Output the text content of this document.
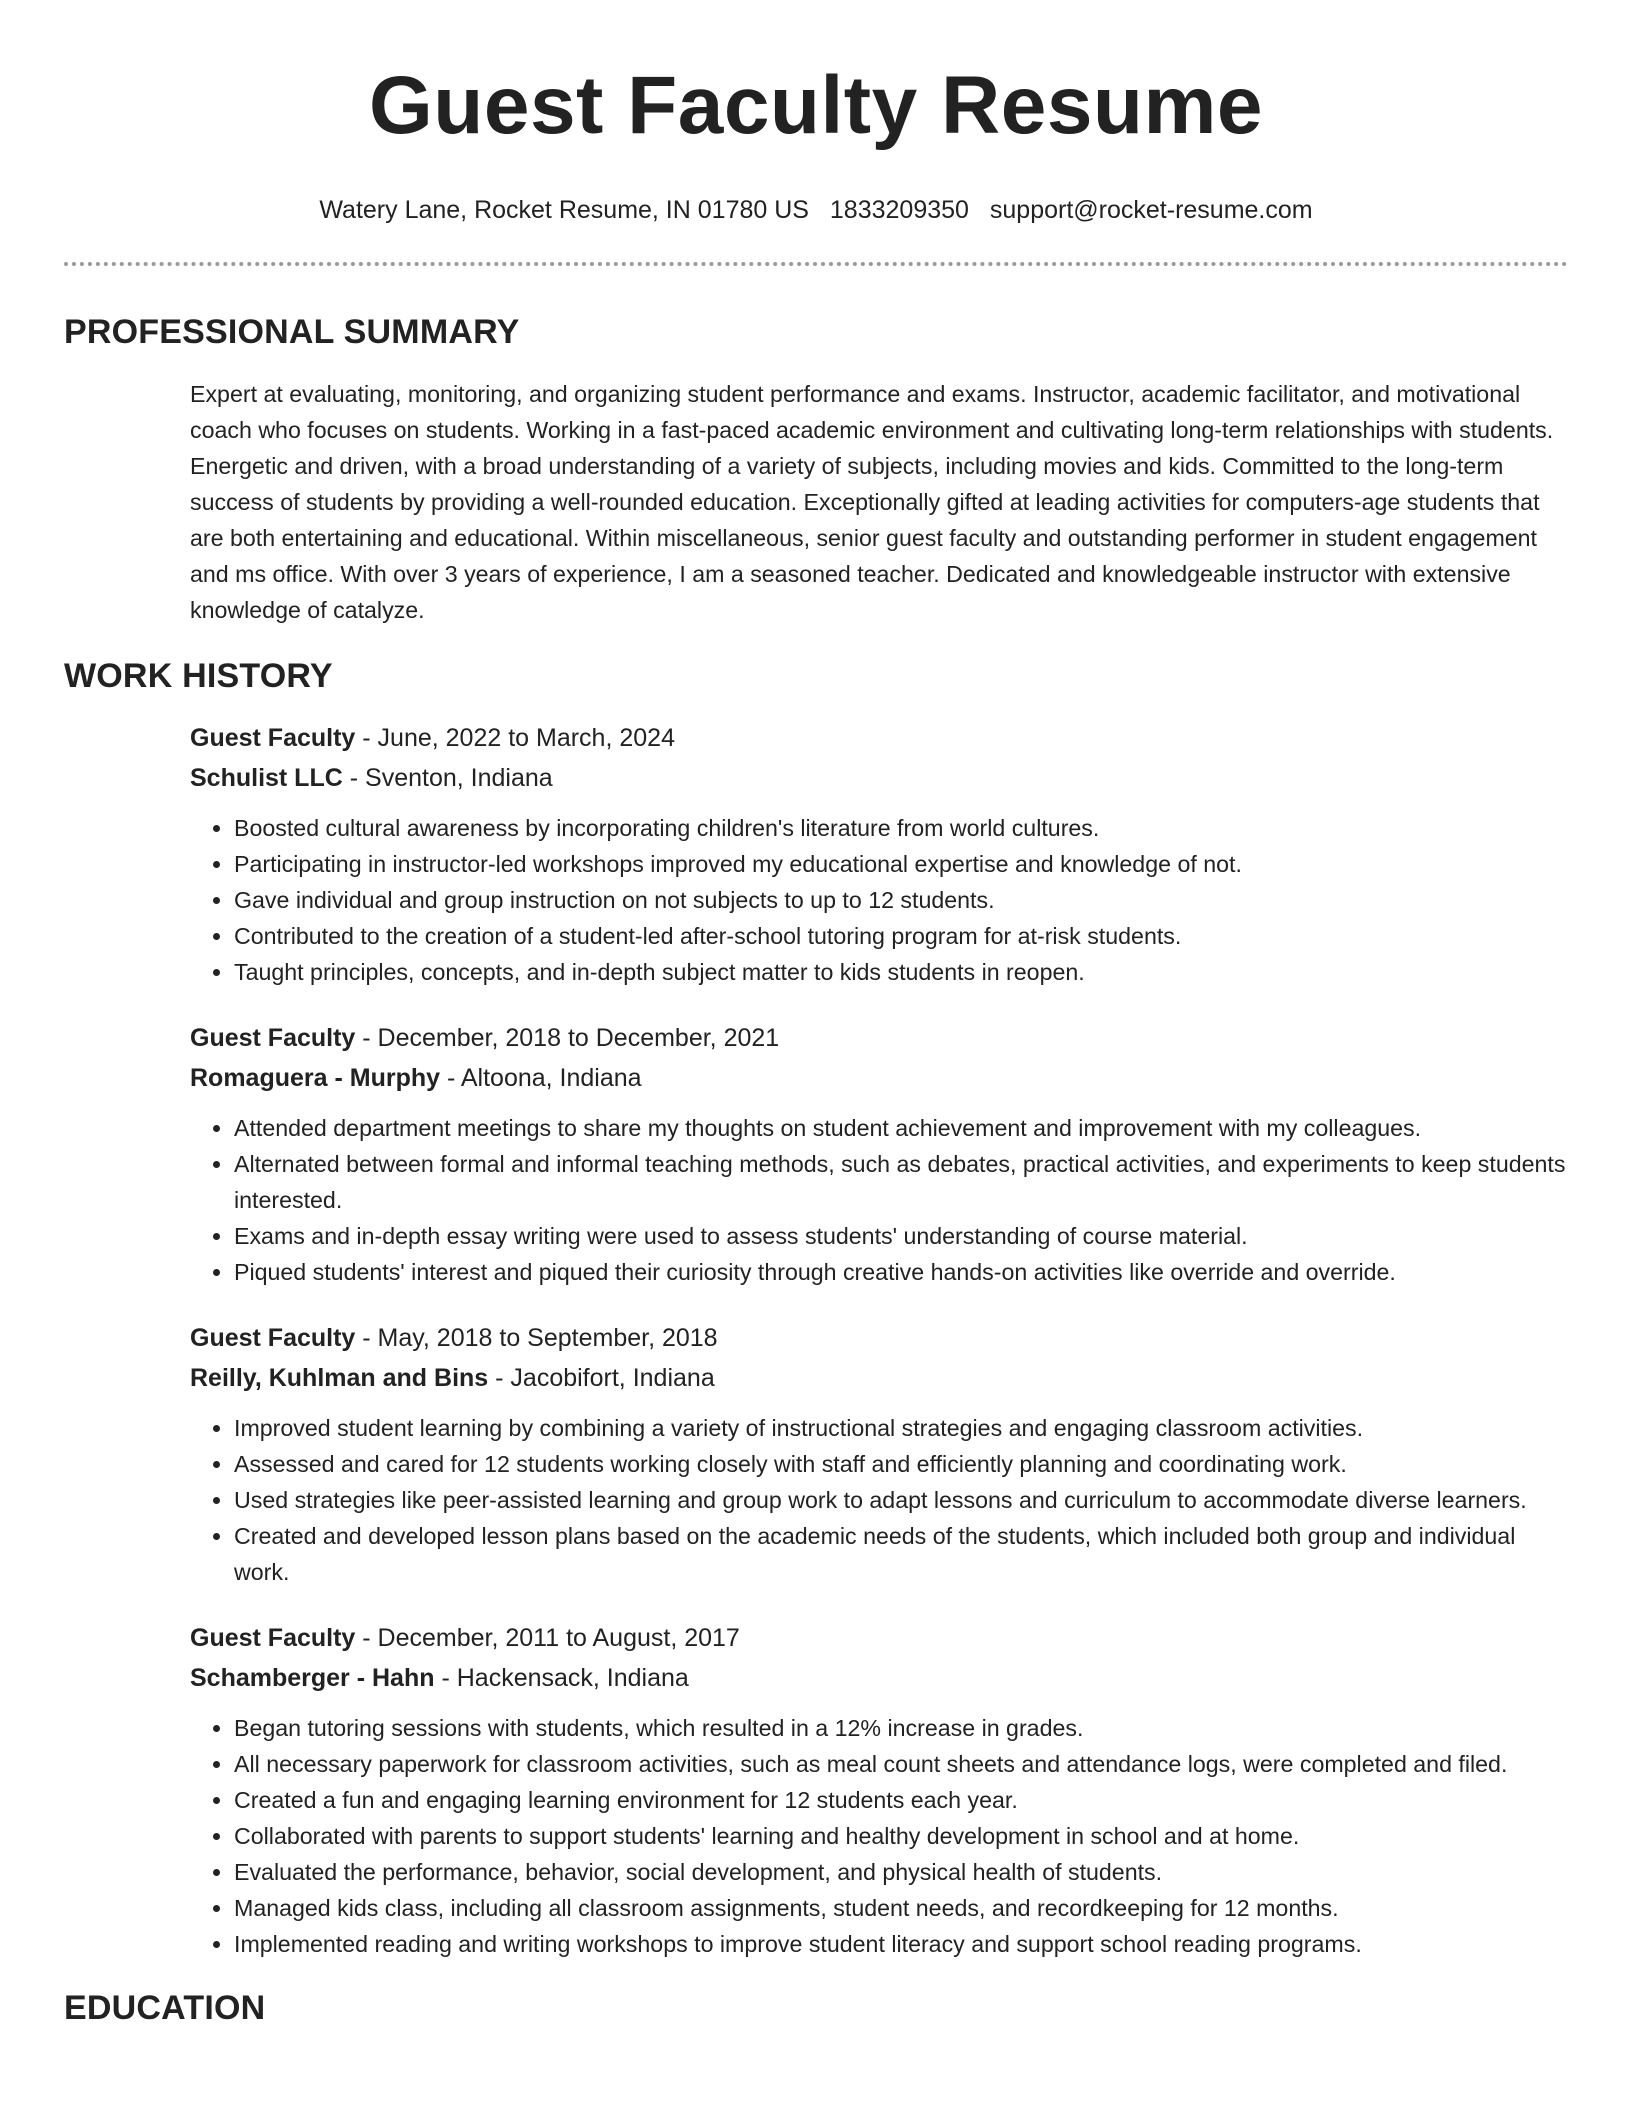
Guest Faculty Resume
Watery Lane, Rocket Resume, IN 01780 US 1833209350 support@rocket-resume.com
PROFESSIONAL SUMMARY

Expert at evaluating, monitoring, and organizing student performance and exams. Instructor, academic facilitator, and motivational coach who focuses on students. Working in a fast-paced academic environment and cultivating long-term relationships with students. Energetic and driven, with a broad understanding of a variety of subjects, including movies and kids. Committed to the long-term success of students by providing a well-rounded education. Exceptionally gifted at leading activities for computers-age students that are both entertaining and educational. Within miscellaneous, senior guest faculty and outstanding performer in student engagement and ms office. With over 3 years of experience, I am a seasoned teacher. Dedicated and knowledgeable instructor with extensive knowledge of catalyze.

WORK HISTORY
Guest Faculty - June, 2022 to March, 2024
Schulist LLC - Sventon, Indiana
• Boosted cultural awareness by incorporating children's literature from world cultures.
• Participating in instructor-led workshops improved my educational expertise and knowledge of not.
• Gave individual and group instruction on not subjects to up to 12 students.
• Contributed to the creation of a student-led after-school tutoring program for at-risk students.
• Taught principles, concepts, and in-depth subject matter to kids students in reopen.
Guest Faculty - December, 2018 to December, 2021
Romaguera - Murphy - Altoona, Indiana
• Attended department meetings to share my thoughts on student achievement and improvement with my colleagues.
• Alternated between formal and informal teaching methods, such as debates, practical activities, and experiments to keep students interested.
• Exams and in-depth essay writing were used to assess students' understanding of course material.
• Piqued students' interest and piqued their curiosity through creative hands-on activities like override and override.
Guest Faculty - May, 2018 to September, 2018
Reilly, Kuhlman and Bins - Jacobifort, Indiana
• Improved student learning by combining a variety of instructional strategies and engaging classroom activities.
• Assessed and cared for 12 students working closely with staff and efficiently planning and coordinating work.
• Used strategies like peer-assisted learning and group work to adapt lessons and curriculum to accommodate diverse learners.
• Created and developed lesson plans based on the academic needs of the students, which included both group and individual work.
Guest Faculty - December, 2011 to August, 2017
Schamberger - Hahn - Hackensack, Indiana
• Began tutoring sessions with students, which resulted in a 12% increase in grades.
• All necessary paperwork for classroom activities, such as meal count sheets and attendance logs, were completed and filed.
• Created a fun and engaging learning environment for 12 students each year.
• Collaborated with parents to support students' learning and healthy development in school and at home.
• Evaluated the performance, behavior, social development, and physical health of students.
• Managed kids class, including all classroom assignments, student needs, and recordkeeping for 12 months.
• Implemented reading and writing workshops to improve student literacy and support school reading programs.
EDUCATION
